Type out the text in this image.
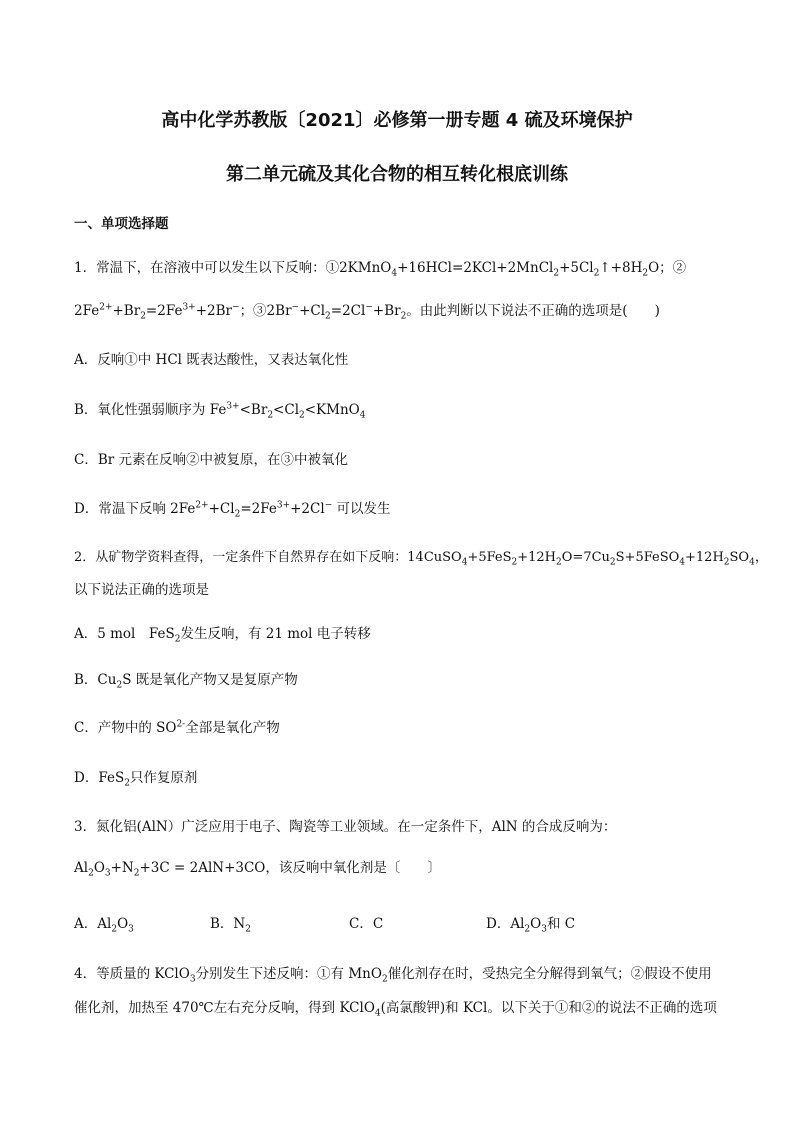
高中化学苏教版〔2021〕必修第一册专题 4 硫及环境保护
第二单元硫及其化合物的相互转化根底训练
一、单项选择题
1．常温下，在溶液中可以发生以下反响：$①2KMnO_4+16HCl=2KCl+2MnCl_2+5Cl_2↑+8H_2O$；②
$2Fe^{2+}+Br_2=2Fe^{3+}+2Br^-$；$③2Br^-+Cl_2=2Cl^-+Br_2$。由此判断以下说法不正确的选项是(　　)
A．反响①中 HCl 既表达酸性，又表达氧化性
B．氧化性强弱顺序为 $Fe^{3+}<Br_2<Cl_2<KMnO_4$
C．Br 元素在反响②中被复原，在③中被氧化
D．常温下反响 $2Fe^{2+}+Cl_2=2Fe^{3+}+2Cl^-$ 可以发生
2．从矿物学资料查得，一定条件下自然界存在如下反响：$14CuSO_4+5FeS_2+12H_2O=7Cu_2S+5FeSO_4+12H_2SO_4$，
以下说法正确的选项是
A．5 mol　FeS$_2$发生反响，有 21 mol 电子转移
B．$Cu_2S$ 既是氧化产物又是复原产物
C．产物中的 $SO^{2-}$全部是氧化产物
D．FeS$_2$只作复原剂
3．氮化铝(AlN）广泛应用于电子、陶瓷等工业领域。在一定条件下，AlN 的合成反响为：
$Al_2O_3+N_2+3C = 2AlN+3CO$，该反响中氧化剂是〔　　〕
A．$Al_2O_3$	B．$N_2$	C．C	D．$Al_2O_3$和 C
4．等质量的 KClO$_3$分别发生下述反响：①有 MnO$_2$催化剂存在时，受热完全分解得到氧气；②假设不使用
催化剂，加热至 470℃左右充分反响，得到 KClO$_4$(高氯酸钾)和 KCl。以下关于①和②的说法不正确的选项
